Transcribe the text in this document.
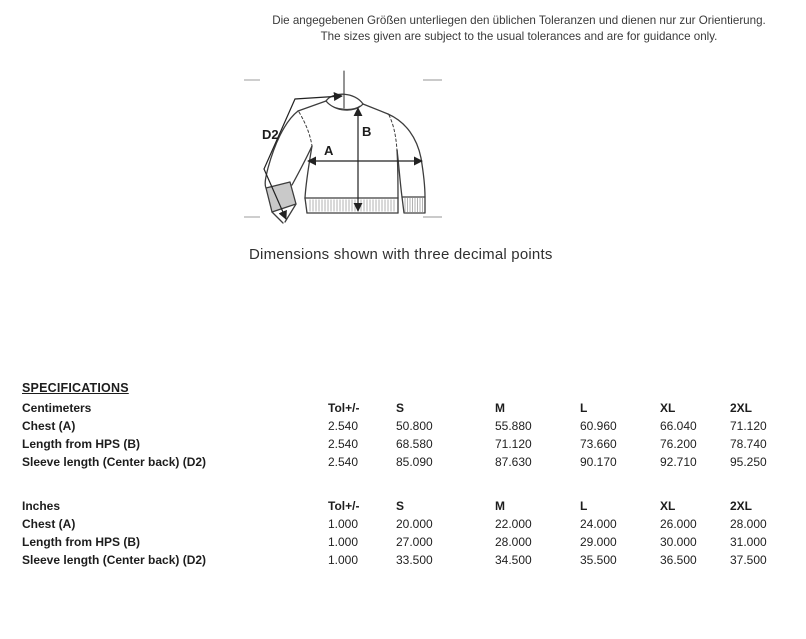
Die angegebenen Größen unterliegen den üblichen Toleranzen und dienen nur zur Orientierung.
The sizes given are subject to the usual tolerances and are for guidance only.
A
B
D2
Dimensions shown with three decimal points
SPECIFICATIONS
Centimeters	Tol+/-	S	M	L	XL	2XL
Chest (A)	2.540	50.800	55.880	60.960	66.040	71.120
Length from HPS (B)	2.540	68.580	71.120	73.660	76.200	78.740
Sleeve length (Center back) (D2)	2.540	85.090	87.630	90.170	92.710	95.250
Inches	Tol+/-	S	M	L	XL	2XL
Chest (A)	1.000	20.000	22.000	24.000	26.000	28.000
Length from HPS (B)	1.000	27.000	28.000	29.000	30.000	31.000
Sleeve length (Center back) (D2)	1.000	33.500	34.500	35.500	36.500	37.500
